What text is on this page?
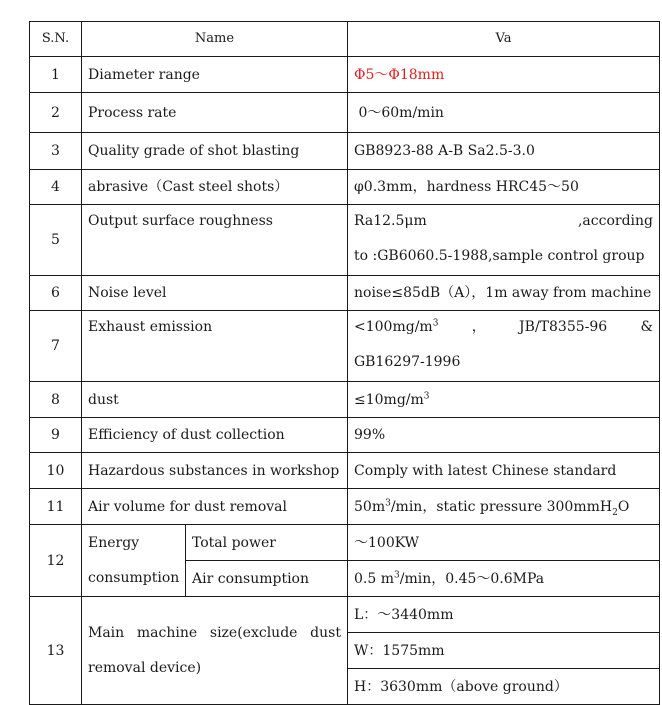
S.N.	Name		Va
1	Diameter range		Φ5～Φ18mm
2	Process rate		0～60m/min
3	Quality grade of shot blasting		GB8923-88 A-B Sa2.5-3.0
4	abrasive（Cast steel shots）		φ0.3mm，hardness HRC45～50
5	Output surface roughness		Ra12.5μm ,according
to :GB6060.5-1988,sample control group

6	Noise level		noise≤85dB（A），1m away from machine
7	Exhaust emission		$<100mg/m^3$ ， JB/T8355-96 &
GB16297-1996

8	dust		$\le 10mg/m^3$
9	Efficiency of dust collection		99%
10	Hazardous substances in workshop		Comply with latest Chinese standard
11	Air volume for dust removal		$50m^3/\min$，static pressure 300mmH$_2$O
12	Energy
consumption	Total power	～100KW
		Air consumption	0.5 $m^3/\min$，0.45～0.6MPa
13	Main machine size(exclude dust
removal device)		L：～3440mm
			W：1575mm
			H：3630mm（above ground）
